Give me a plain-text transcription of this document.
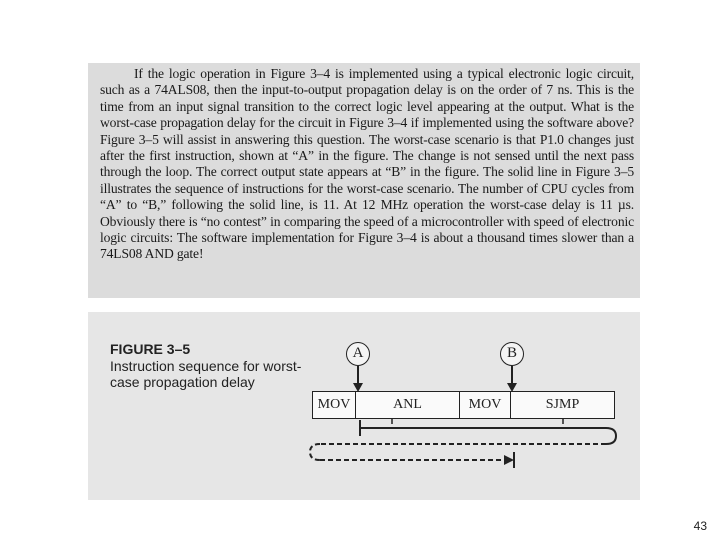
If the logic operation in Figure 3–4 is implemented using a typical electronic logic circuit, such as a 74ALS08, then the input-to-output propagation delay is on the order of 7 ns. This is the time from an input signal transition to the correct logic level appearing at the output. What is the worst-case propagation delay for the circuit in Figure 3–4 if implemented using the software above? Figure 3–5 will assist in answering this question. The worst-case scenario is that P1.0 changes just after the first instruction, shown at “A” in the figure. The change is not sensed until the next pass through the loop. The correct output state appears at “B” in the figure. The solid line in Figure 3–5 illustrates the sequence of instructions for the worst-case scenario. The number of CPU cycles from “A” to “B,” following the solid line, is 11. At 12 MHz operation the worst-case delay is 11 µs. Obviously there is “no contest” in comparing the speed of a microcontroller with speed of electronic logic circuits: The software implementation for Figure 3–4 is about a thousand times slower than a 74LS08 AND gate!

FIGURE 3–5
Instruction sequence for worst-case propagation delay
A	B
MOV	ANL	MOV	SJMP
43
